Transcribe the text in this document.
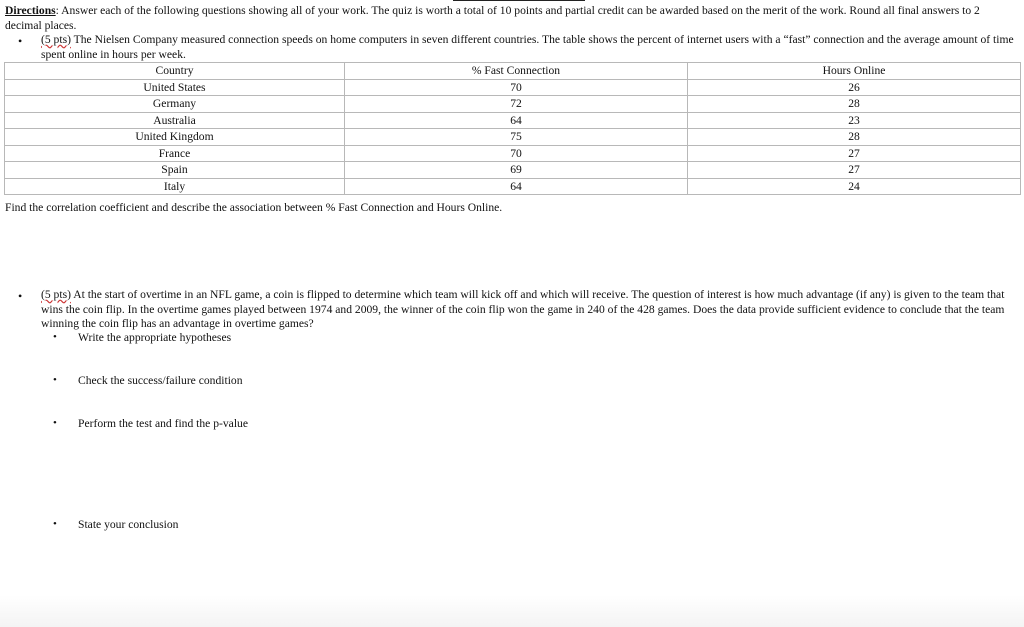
Directions: Answer each of the following questions showing all of your work. The quiz is worth a total of 10 points and partial credit can be awarded based on the merit of the work. Round all final answers to 2 decimal places.
• (5 pts) The Nielsen Company measured connection speeds on home computers in seven different countries. The table shows the percent of internet users with a “fast” connection and the average amount of time spent online in hours per week.
Country	% Fast Connection	Hours Online
United States	70	26
Germany	72	28
Australia	64	23
United Kingdom	75	28
France	70	27
Spain	69	27
Italy	64	24
Find the correlation coefficient and describe the association between % Fast Connection and Hours Online.
• (5 pts) At the start of overtime in an NFL game, a coin is flipped to determine which team will kick off and which will receive. The question of interest is how much advantage (if any) is given to the team that wins the coin flip. In the overtime games played between 1974 and 2009, the winner of the coin flip won the game in 240 of the 428 games. Does the data provide sufficient evidence to conclude that the team winning the coin flip has an advantage in overtime games?
• Write the appropriate hypotheses
• Check the success/failure condition
• Perform the test and find the p-value
• State your conclusion
